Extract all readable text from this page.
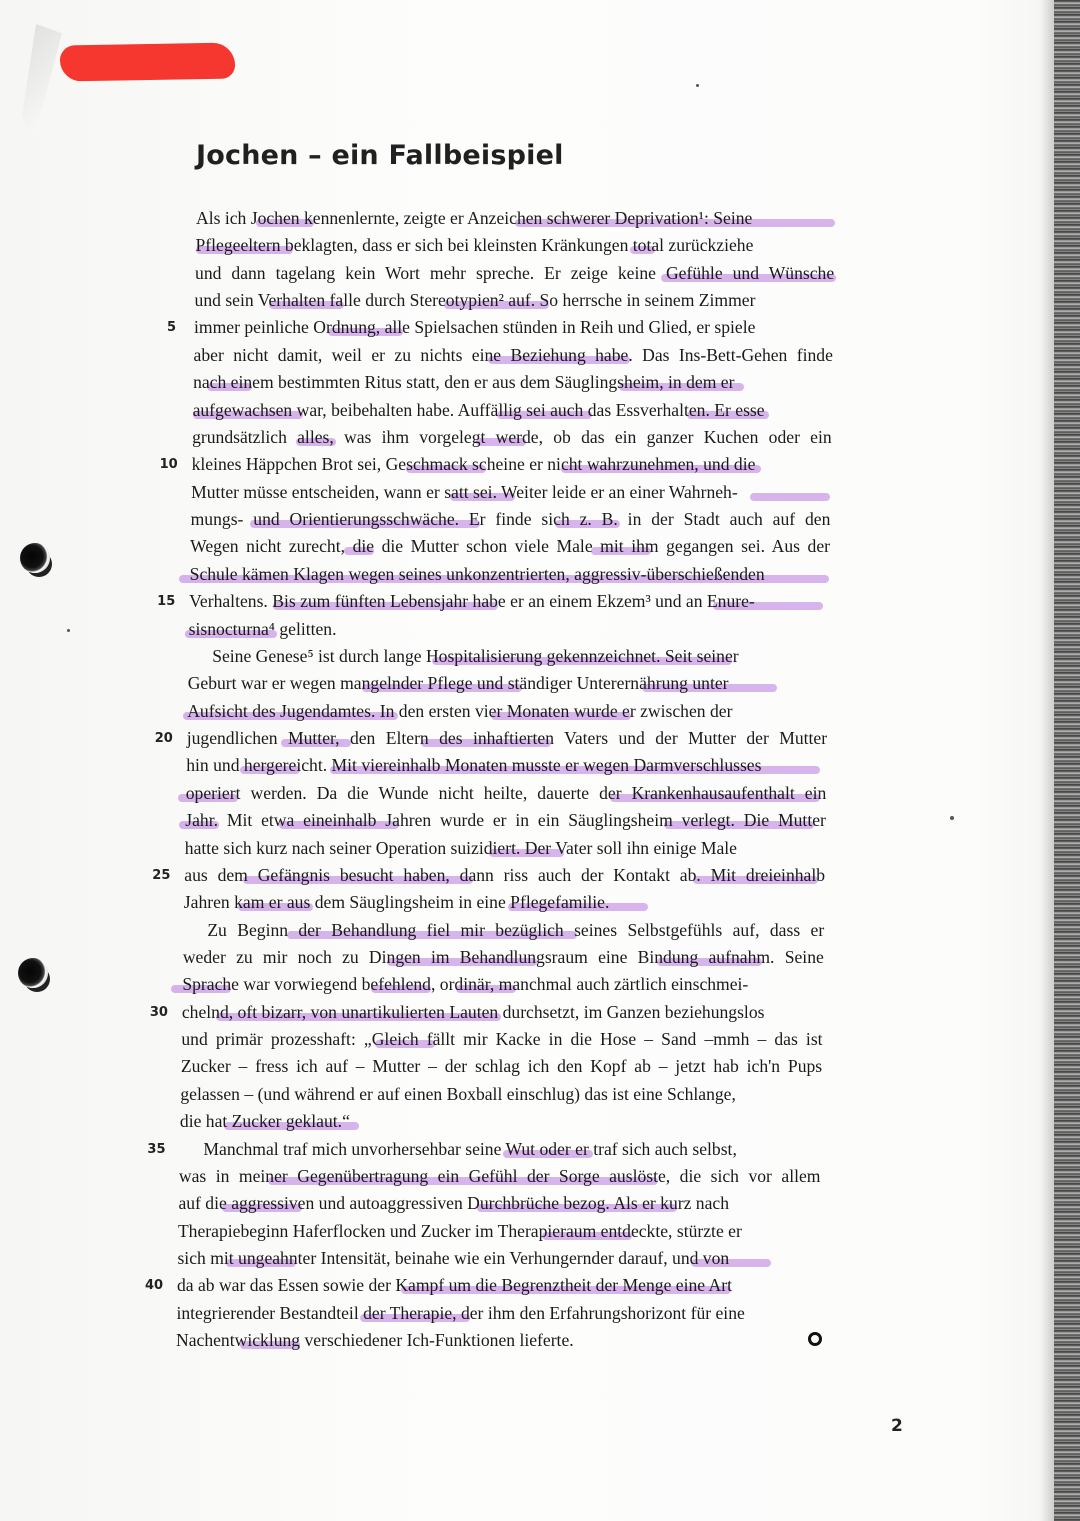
Jochen – ein Fallbeispiel
Als ich Jochen kennenlernte, zeigte er Anzeichen schwerer Deprivation¹: Seine
Pflegeeltern beklagten, dass er sich bei kleinsten Kränkungen total zurückziehe
und dann tagelang kein Wort mehr spreche. Er zeige keine Gefühle und Wünsche
und sein Verhalten falle durch Stereotypien² auf. So herrsche in seinem Zimmer
immer peinliche Ordnung, alle Spielsachen stünden in Reih und Glied, er spiele
5
aber nicht damit, weil er zu nichts eine Beziehung habe. Das Ins-Bett-Gehen finde
nach einem bestimmten Ritus statt, den er aus dem Säuglingsheim, in dem er
aufgewachsen war, beibehalten habe. Auffällig sei auch das Essverhalten. Er esse
grundsätzlich alles, was ihm vorgelegt werde, ob das ein ganzer Kuchen oder ein
kleines Häppchen Brot sei, Geschmack scheine er nicht wahrzunehmen, und die
10
Mutter müsse entscheiden, wann er satt sei. Weiter leide er an einer Wahrneh-
mungs- und Orientierungsschwäche. Er finde sich z. B. in der Stadt auch auf den
Wegen nicht zurecht, die die Mutter schon viele Male mit ihm gegangen sei. Aus der
Schule kämen Klagen wegen seines unkonzentrierten, aggressiv-überschießenden
Verhaltens. Bis zum fünften Lebensjahr habe er an einem Ekzem³ und an Enure-
15
sisnocturna⁴ gelitten.
Seine Genese⁵ ist durch lange Hospitalisierung gekennzeichnet. Seit seiner
Geburt war er wegen mangelnder Pflege und ständiger Unterernährung unter
Aufsicht des Jugendamtes. In den ersten vier Monaten wurde er zwischen der
jugendlichen Mutter, den Eltern des inhaftierten Vaters und der Mutter der Mutter
20
hin und hergereicht. Mit viereinhalb Monaten musste er wegen Darmverschlusses
operiert werden. Da die Wunde nicht heilte, dauerte der Krankenhausaufenthalt ein
Jahr. Mit etwa eineinhalb Jahren wurde er in ein Säuglingsheim verlegt. Die Mutter
hatte sich kurz nach seiner Operation suizidiert. Der Vater soll ihn einige Male
aus dem Gefängnis besucht haben, dann riss auch der Kontakt ab. Mit dreieinhalb
25
Jahren kam er aus dem Säuglingsheim in eine Pflegefamilie.
Zu Beginn der Behandlung fiel mir bezüglich seines Selbstgefühls auf, dass er
weder zu mir noch zu Dingen im Behandlungsraum eine Bindung aufnahm. Seine
Sprache war vorwiegend befehlend, ordinär, manchmal auch zärtlich einschmei-
chelnd, oft bizarr, von unartikulierten Lauten durchsetzt, im Ganzen beziehungslos
30
und primär prozesshaft: „Gleich fällt mir Kacke in die Hose – Sand –mmh – das ist
Zucker – fress ich auf – Mutter – der schlag ich den Kopf ab – jetzt hab ich'n Pups
gelassen – (und während er auf einen Boxball einschlug) das ist eine Schlange,
die hat Zucker geklaut.“
Manchmal traf mich unvorhersehbar seine Wut oder er traf sich auch selbst,
35
was in meiner Gegenübertragung ein Gefühl der Sorge auslöste, die sich vor allem
auf die aggressiven und autoaggressiven Durchbrüche bezog. Als er kurz nach
Therapiebeginn Haferflocken und Zucker im Therapieraum entdeckte, stürzte er
sich mit ungeahnter Intensität, beinahe wie ein Verhungernder darauf, und von
da ab war das Essen sowie der Kampf um die Begrenztheit der Menge eine Art
40
integrierender Bestandteil der Therapie, der ihm den Erfahrungshorizont für eine
Nachentwicklung verschiedener Ich-Funktionen lieferte.
2
